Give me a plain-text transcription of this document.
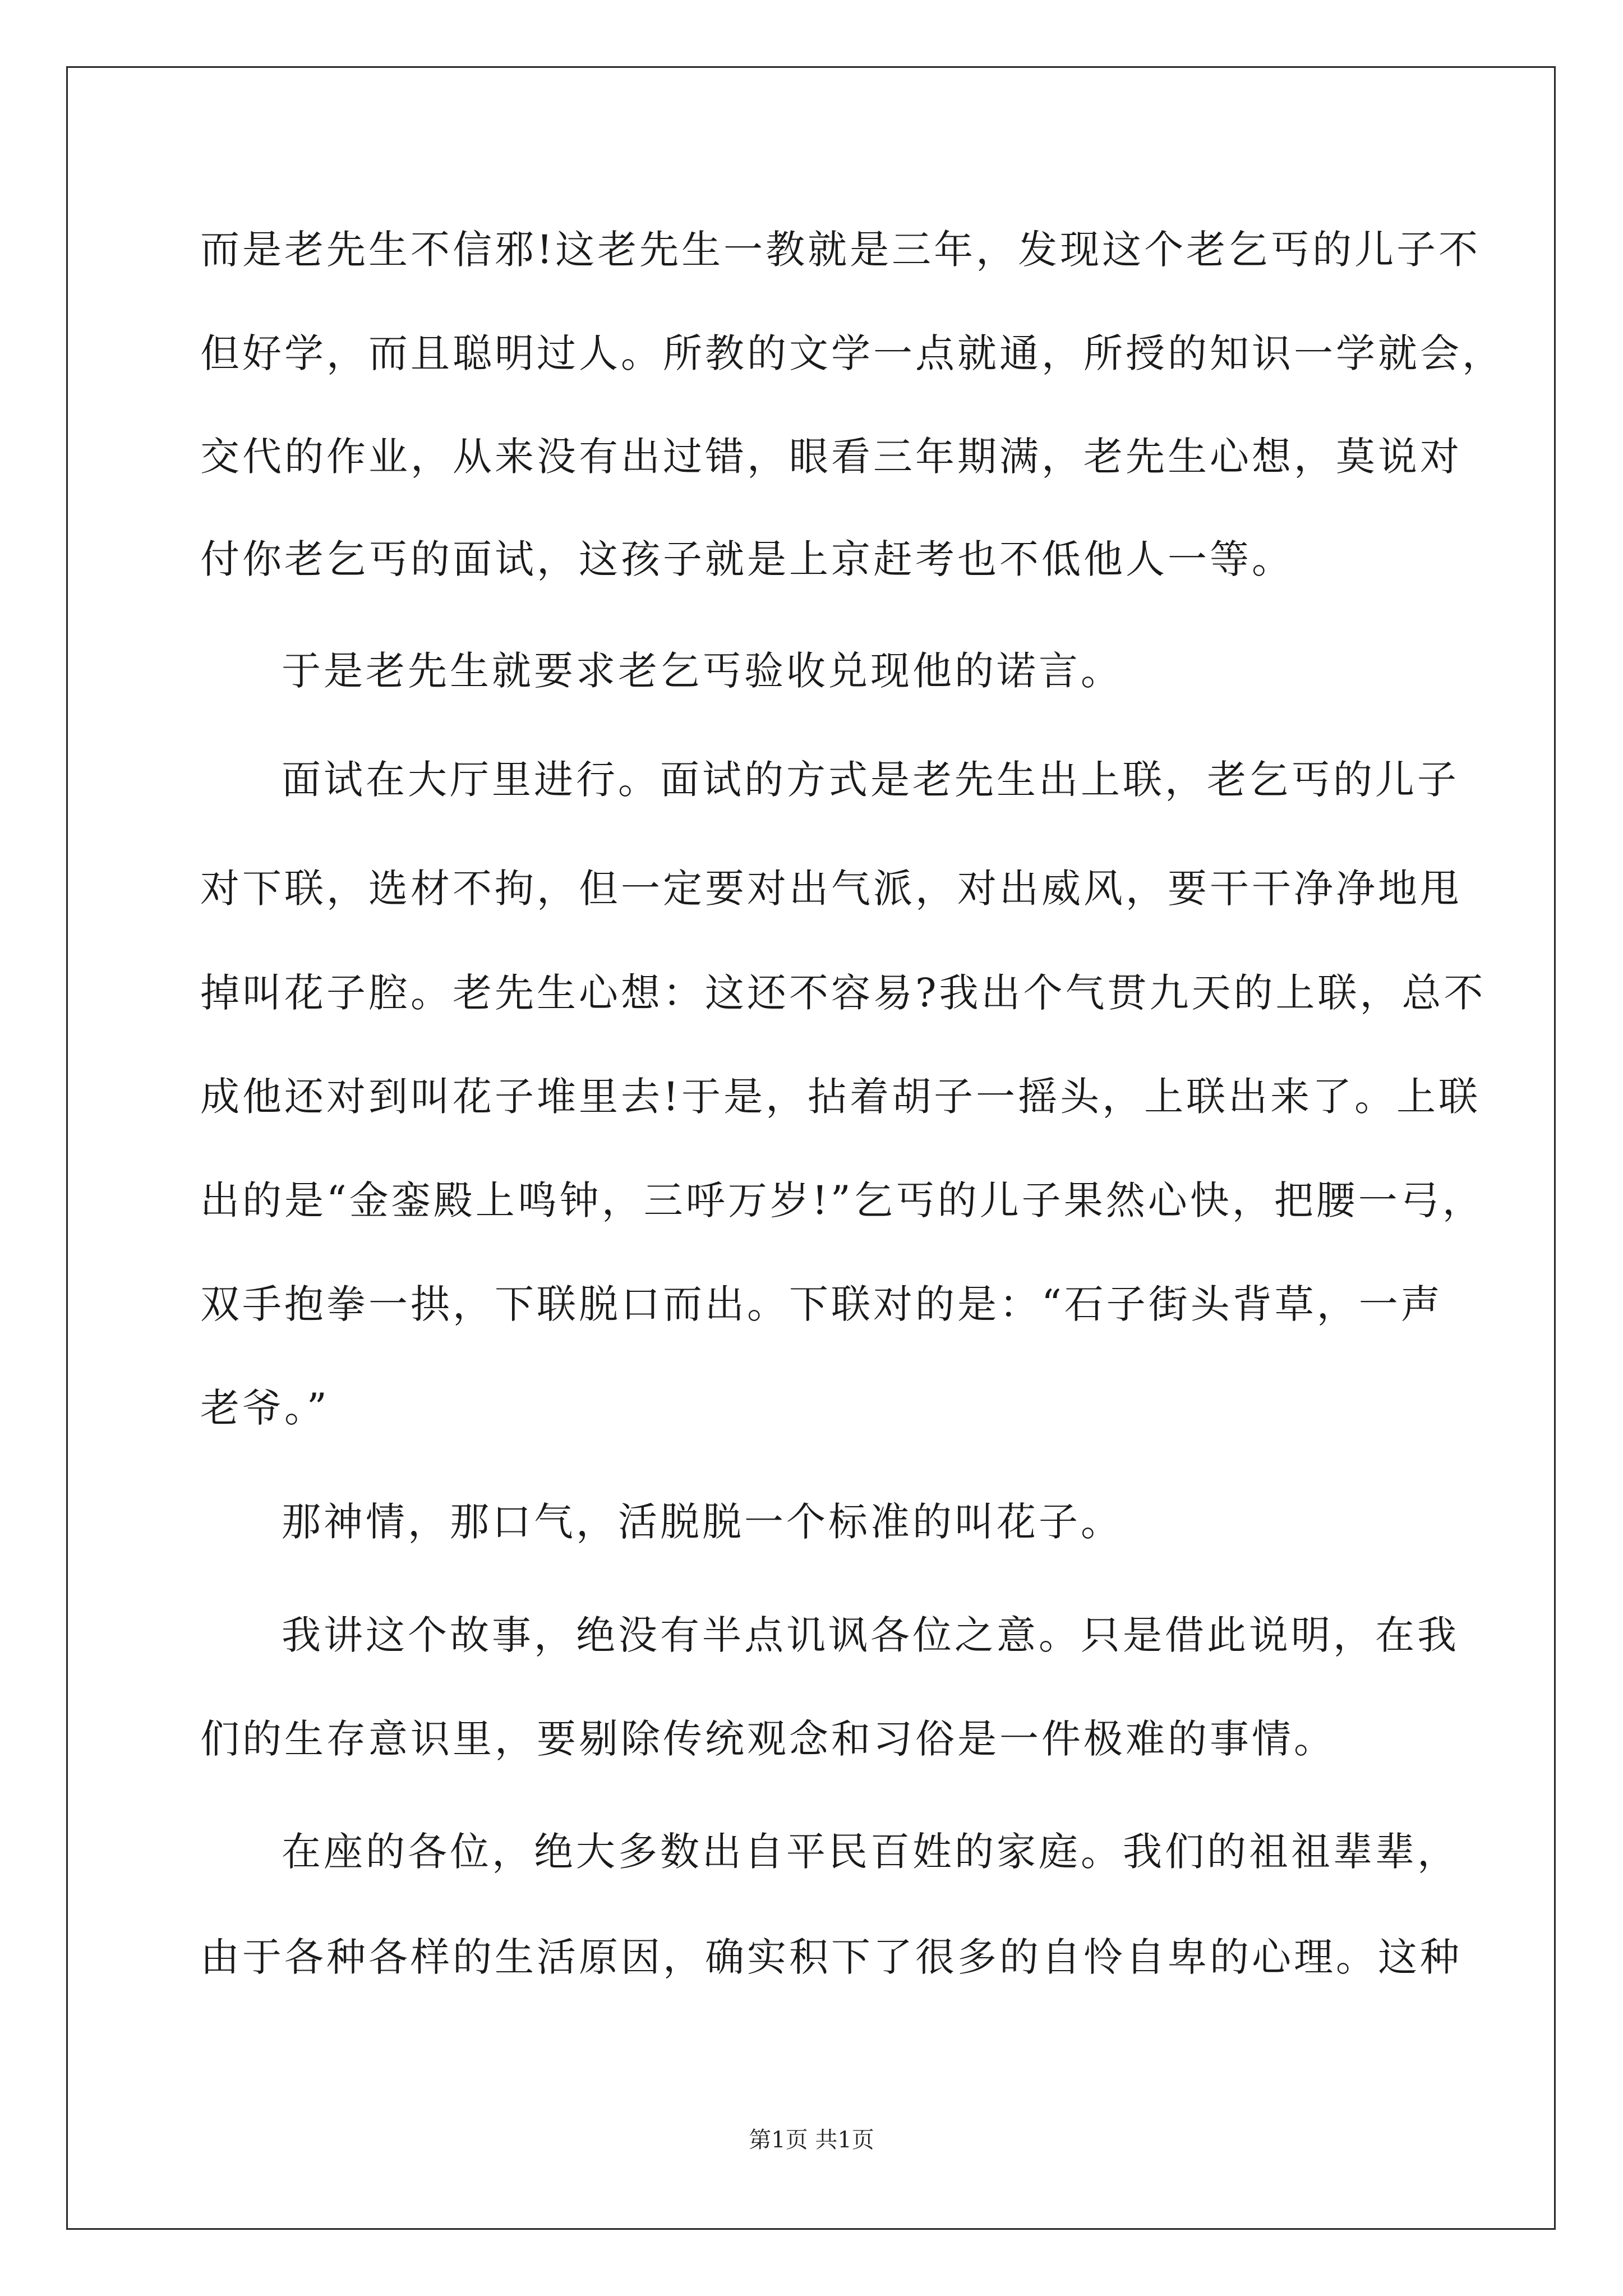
而是老先生不信邪!这老先生一教就是三年，发现这个老乞丐的儿子不
但好学，而且聪明过人。所教的文学一点就通，所授的知识一学就会，
交代的作业，从来没有出过错，眼看三年期满，老先生心想，莫说对
付你老乞丐的面试，这孩子就是上京赶考也不低他人一等。
于是老先生就要求老乞丐验收兑现他的诺言。
面试在大厅里进行。面试的方式是老先生出上联，老乞丐的儿子
对下联，选材不拘，但一定要对出气派，对出威风，要干干净净地甩
掉叫花子腔。老先生心想：这还不容易?我出个气贯九天的上联，总不
成他还对到叫花子堆里去!于是，拈着胡子一摇头，上联出来了。上联
出的是“金銮殿上鸣钟，三呼万岁!”乞丐的儿子果然心快，把腰一弓，
双手抱拳一拱，下联脱口而出。下联对的是：“石子街头背草，一声
老爷。”
那神情，那口气，活脱脱一个标准的叫花子。
我讲这个故事，绝没有半点讥讽各位之意。只是借此说明，在我
们的生存意识里，要剔除传统观念和习俗是一件极难的事情。
在座的各位，绝大多数出自平民百姓的家庭。我们的祖祖辈辈，
由于各种各样的生活原因，确实积下了很多的自怜自卑的心理。这种
第1页 共1页
